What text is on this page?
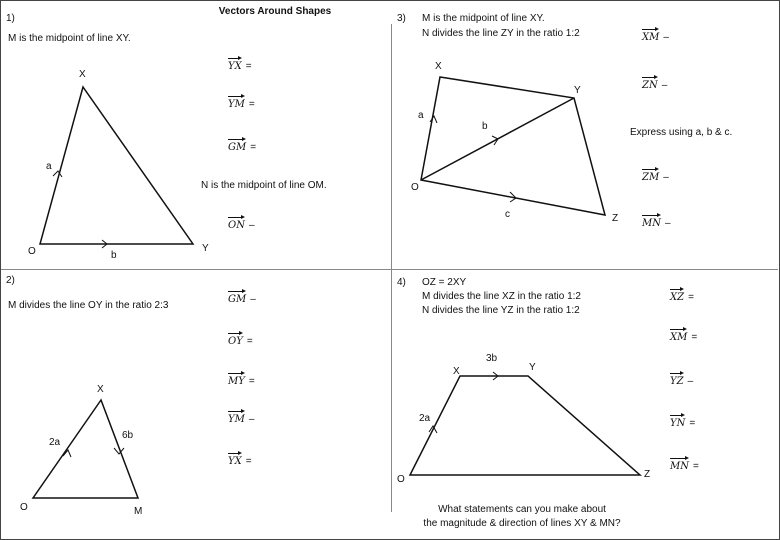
Vectors Around Shapes
1)
M is the midpoint of line XY.
N is the midpoint of line OM.
YX =
YM =
GM =
ON –
X
O	Y
a
b
3) M is the midpoint of line XY.
N divides the line ZY in the ratio 1:2
Express using a, b & c.
XM –
ZN –
ZM –
MN –
X
Y
O
Z
a
b
c
2)
M divides the line OY in the ratio 2:3
GM –
OY =
MY =
YM –
YX =
X
O	M
2a
6b
4) OZ = 2XY
M divides the line XZ in the ratio 1:2
N divides the line YZ in the ratio 1:2
XZ =
XM =
YZ –
YN =
MN =
X	Y
O	Z
3b
2a
What statements can you make about
the magnitude & direction of lines XY & MN?
